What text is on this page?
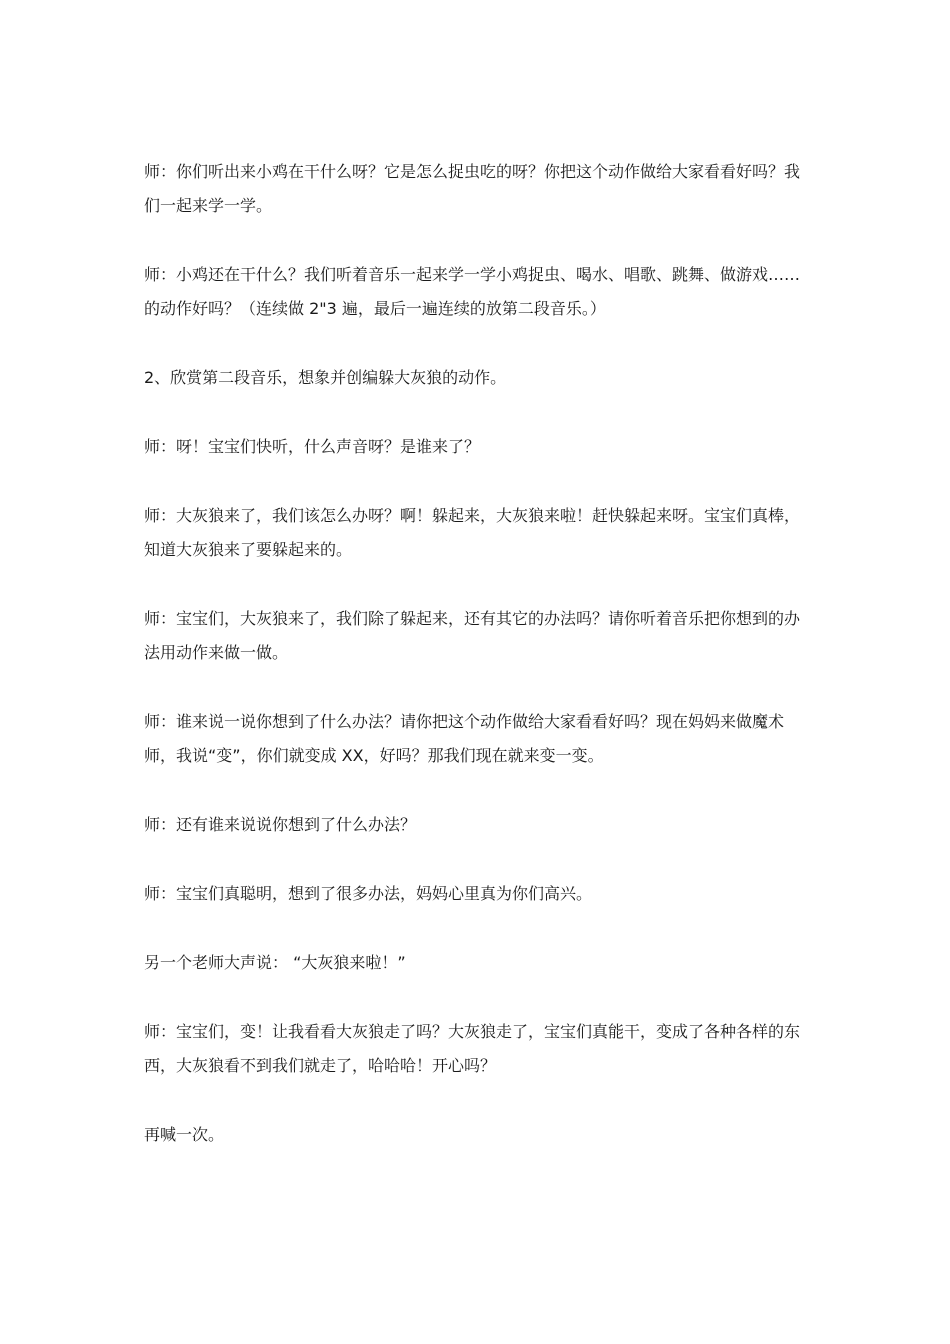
师：你们听出来小鸡在干什么呀？它是怎么捉虫吃的呀？你把这个动作做给大家看看好吗？我们一起来学一学。

师：小鸡还在干什么？我们听着音乐一起来学一学小鸡捉虫、喝水、唱歌、跳舞、做游戏……的动作好吗？（连续做 2"3 遍，最后一遍连续的放第二段音乐。）

2、欣赏第二段音乐，想象并创编躲大灰狼的动作。

师：呀！宝宝们快听，什么声音呀？是谁来了？

师：大灰狼来了，我们该怎么办呀？啊！躲起来，大灰狼来啦！赶快躲起来呀。宝宝们真棒，知道大灰狼来了要躲起来的。

师：宝宝们，大灰狼来了，我们除了躲起来，还有其它的办法吗？请你听着音乐把你想到的办法用动作来做一做。

师：谁来说一说你想到了什么办法？请你把这个动作做给大家看看好吗？现在妈妈来做魔术师，我说“变”，你们就变成 XX，好吗？那我们现在就来变一变。

师：还有谁来说说你想到了什么办法？

师：宝宝们真聪明，想到了很多办法，妈妈心里真为你们高兴。

另一个老师大声说： “大灰狼来啦！”

师：宝宝们，变！让我看看大灰狼走了吗？大灰狼走了，宝宝们真能干，变成了各种各样的东西，大灰狼看不到我们就走了，哈哈哈！开心吗？

再喊一次。
